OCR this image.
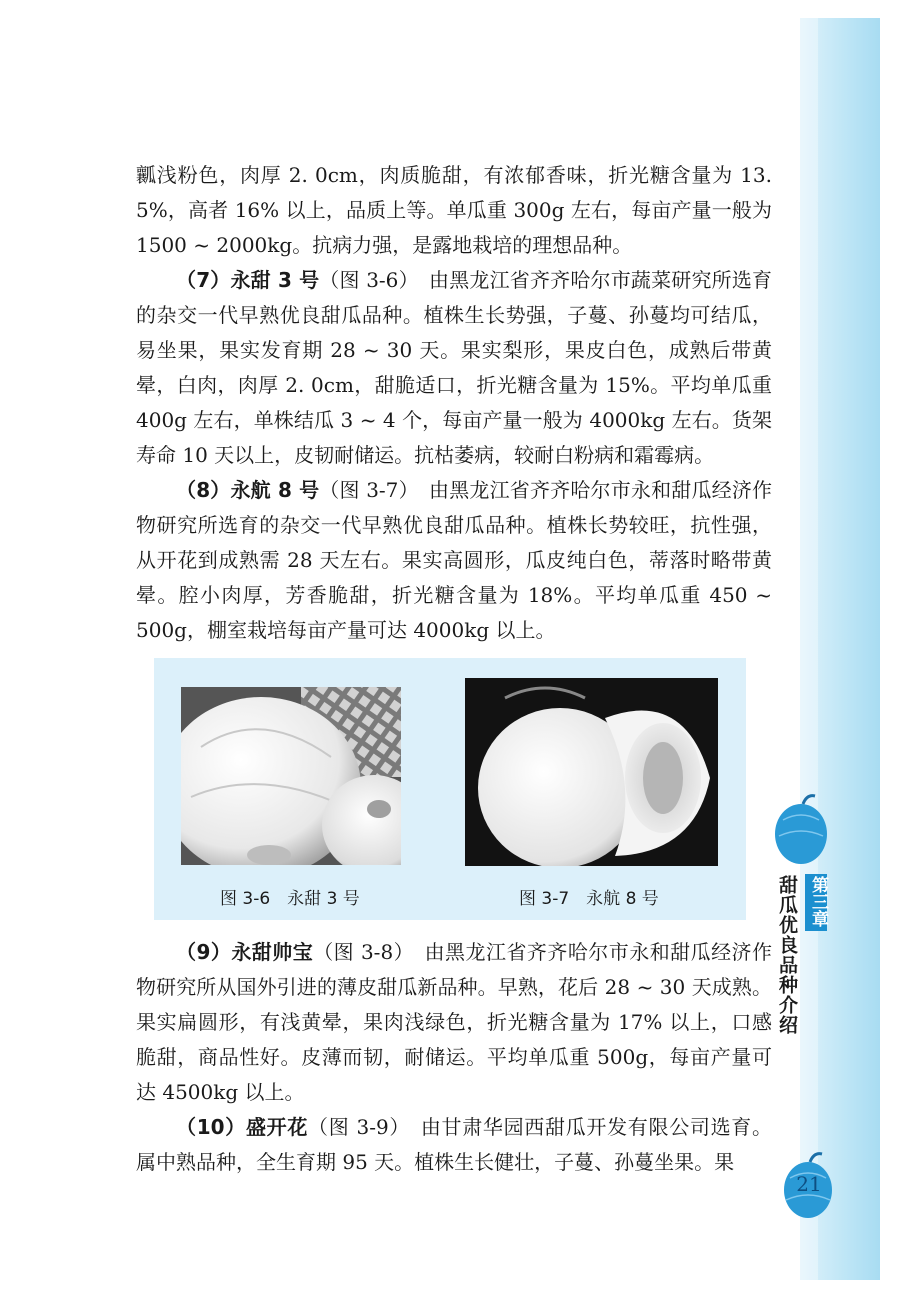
瓤浅粉色，肉厚 2. 0cm，肉质脆甜，有浓郁香味，折光糖含量为 13. 5%，高者 16% 以上，品质上等。单瓜重 300g 左右，每亩产量一般为 1500 ~ 2000kg。抗病力强，是露地栽培的理想品种。

（7）永甜 3 号（图 3-6）　 由黑龙江省齐齐哈尔市蔬菜研究所选育的杂交一代早熟优良甜瓜品种。植株生长势强，子蔓、孙蔓均可结瓜，易坐果，果实发育期 28 ~ 30 天。果实梨形，果皮白色，成熟后带黄晕，白肉，肉厚 2. 0cm，甜脆适口，折光糖含量为 15%。平均单瓜重 400g 左右，单株结瓜 3 ~ 4 个，每亩产量一般为 4000kg 左右。货架寿命 10 天以上，皮韧耐储运。抗枯萎病，较耐白粉病和霜霉病。

（8）永航 8 号（图 3-7）　 由黑龙江省齐齐哈尔市永和甜瓜经济作物研究所选育的杂交一代早熟优良甜瓜品种。植株长势较旺，抗性强，从开花到成熟需 28 天左右。果实高圆形，瓜皮纯白色，蒂落时略带黄晕。腔小肉厚，芳香脆甜，折光糖含量为 18%。平均单瓜重 450 ~ 500g，棚室栽培每亩产量可达 4000kg 以上。

图 3-6　永甜 3 号	图 3-7　永航 8 号

（9）永甜帅宝（图 3-8）　 由黑龙江省齐齐哈尔市永和甜瓜经济作物研究所从国外引进的薄皮甜瓜新品种。早熟，花后 28 ~ 30 天成熟。果实扁圆形，有浅黄晕，果肉浅绿色，折光糖含量为 17% 以上，口感脆甜，商品性好。皮薄而韧，耐储运。平均单瓜重 500g，每亩产量可达 4500kg 以上。

（10）盛开花（图 3-9）　 由甘肃华园西甜瓜开发有限公司选育。属中熟品种，全生育期 95 天。植株生长健壮，子蔓、孙蔓坐果。果

第三章
甜瓜优良品种介绍
21
